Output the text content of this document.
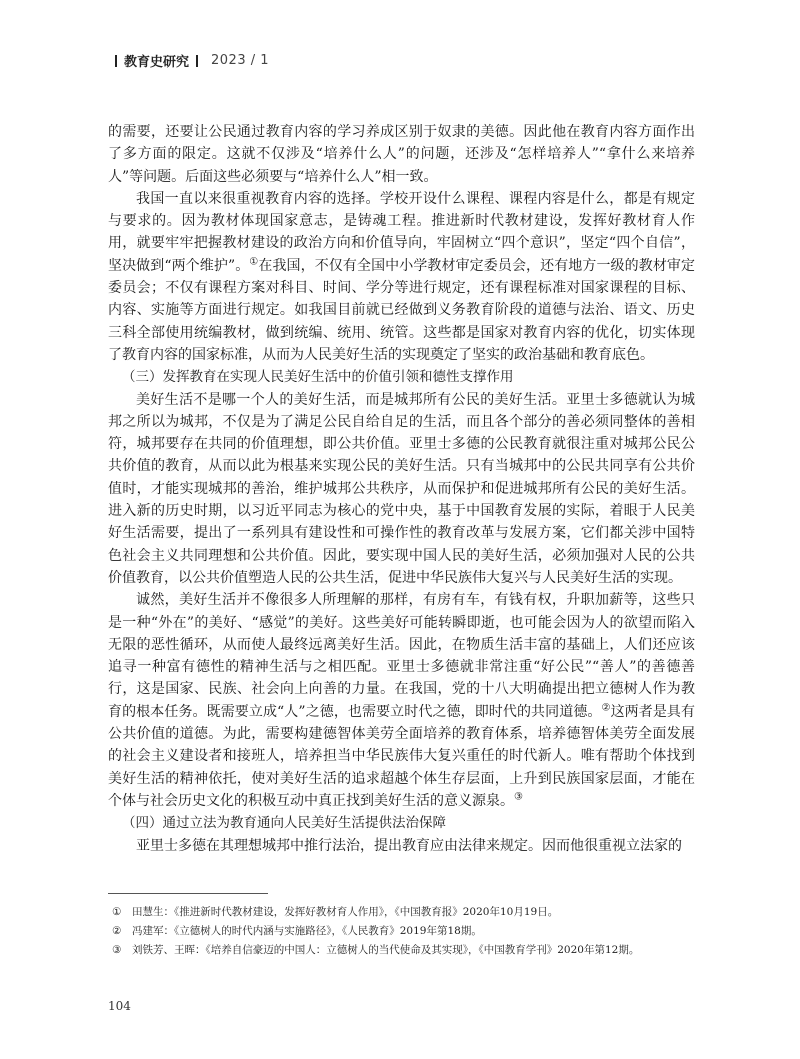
教育史研究 2023 / 1

的需要，还要让公民通过教育内容的学习养成区别于奴隶的美德。因此他在教育内容方面作出了多方面的限定。这就不仅涉及“培养什么人”的问题，还涉及“怎样培养人”“拿什么来培养人”等问题。后面这些必须要与“培养什么人”相一致。

我国一直以来很重视教育内容的选择。学校开设什么课程、课程内容是什么，都是有规定与要求的。因为教材体现国家意志，是铸魂工程。推进新时代教材建设，发挥好教材育人作用，就要牢牢把握教材建设的政治方向和价值导向，牢固树立“四个意识”，坚定“四个自信”，坚决做到“两个维护”。①在我国，不仅有全国中小学教材审定委员会，还有地方一级的教材审定委员会；不仅有课程方案对科目、时间、学分等进行规定，还有课程标准对国家课程的目标、内容、实施等方面进行规定。如我国目前就已经做到义务教育阶段的道德与法治、语文、历史三科全部使用统编教材，做到统编、统用、统管。这些都是国家对教育内容的优化，切实体现了教育内容的国家标准，从而为人民美好生活的实现奠定了坚实的政治基础和教育底色。

（三）发挥教育在实现人民美好生活中的价值引领和德性支撑作用

美好生活不是哪一个人的美好生活，而是城邦所有公民的美好生活。亚里士多德就认为城邦之所以为城邦，不仅是为了满足公民自给自足的生活，而且各个部分的善必须同整体的善相符，城邦要存在共同的价值理想，即公共价值。亚里士多德的公民教育就很注重对城邦公民公共价值的教育，从而以此为根基来实现公民的美好生活。只有当城邦中的公民共同享有公共价值时，才能实现城邦的善治，维护城邦公共秩序，从而保护和促进城邦所有公民的美好生活。进入新的历史时期，以习近平同志为核心的党中央，基于中国教育发展的实际，着眼于人民美好生活需要，提出了一系列具有建设性和可操作性的教育改革与发展方案，它们都关涉中国特色社会主义共同理想和公共价值。因此，要实现中国人民的美好生活，必须加强对人民的公共价值教育，以公共价值塑造人民的公共生活，促进中华民族伟大复兴与人民美好生活的实现。

诚然，美好生活并不像很多人所理解的那样，有房有车，有钱有权，升职加薪等，这些只是一种“外在”的美好、“感觉”的美好。这些美好可能转瞬即逝，也可能会因为人的欲望而陷入无限的恶性循环，从而使人最终远离美好生活。因此，在物质生活丰富的基础上，人们还应该追寻一种富有德性的精神生活与之相匹配。亚里士多德就非常注重“好公民”“善人”的善德善行，这是国家、民族、社会向上向善的力量。在我国，党的十八大明确提出把立德树人作为教育的根本任务。既需要立成“人”之德，也需要立时代之德，即时代的共同道德。②这两者是具有公共价值的道德。为此，需要构建德智体美劳全面培养的教育体系，培养德智体美劳全面发展的社会主义建设者和接班人，培养担当中华民族伟大复兴重任的时代新人。唯有帮助个体找到美好生活的精神依托，使对美好生活的追求超越个体生存层面，上升到民族国家层面，才能在个体与社会历史文化的积极互动中真正找到美好生活的意义源泉。③

（四）通过立法为教育通向人民美好生活提供法治保障

亚里士多德在其理想城邦中推行法治，提出教育应由法律来规定。因而他很重视立法家的

① 田慧生：《推进新时代教材建设，发挥好教材育人作用》，《中国教育报》2020年10月19日。
② 冯建军：《立德树人的时代内涵与实施路径》，《人民教育》2019年第18期。
③ 刘铁芳、王晖：《培养自信豪迈的中国人：立德树人的当代使命及其实现》，《中国教育学刊》2020年第12期。
104
